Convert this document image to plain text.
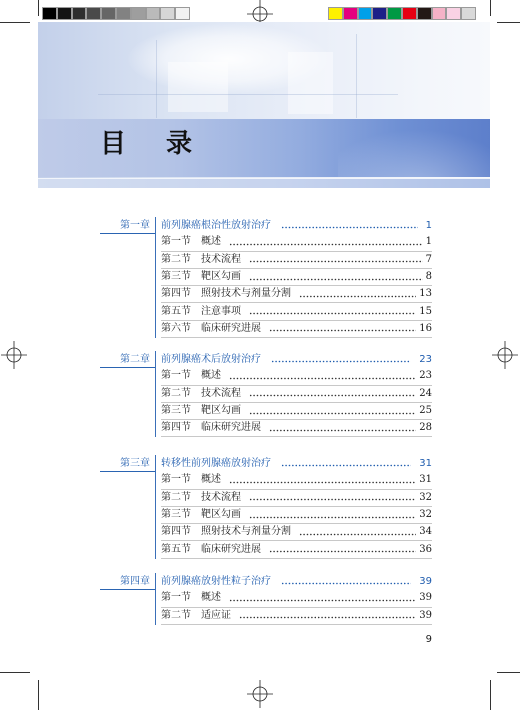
目录
第一章	前列腺癌根治性放射治疗	1
第一节	概述	1
第二节	技术流程	7
第三节	靶区勾画	8
第四节	照射技术与剂量分割	13
第五节	注意事项	15
第六节	临床研究进展	16
第二章	前列腺癌术后放射治疗	23
第一节	概述	23
第二节	技术流程	24
第三节	靶区勾画	25
第四节	临床研究进展	28
第三章	转移性前列腺癌放射治疗	31
第一节	概述	31
第二节	技术流程	32
第三节	靶区勾画	32
第四节	照射技术与剂量分割	34
第五节	临床研究进展	36
第四章	前列腺癌放射性粒子治疗	39
第一节	概述	39
第二节	适应证	39
9
